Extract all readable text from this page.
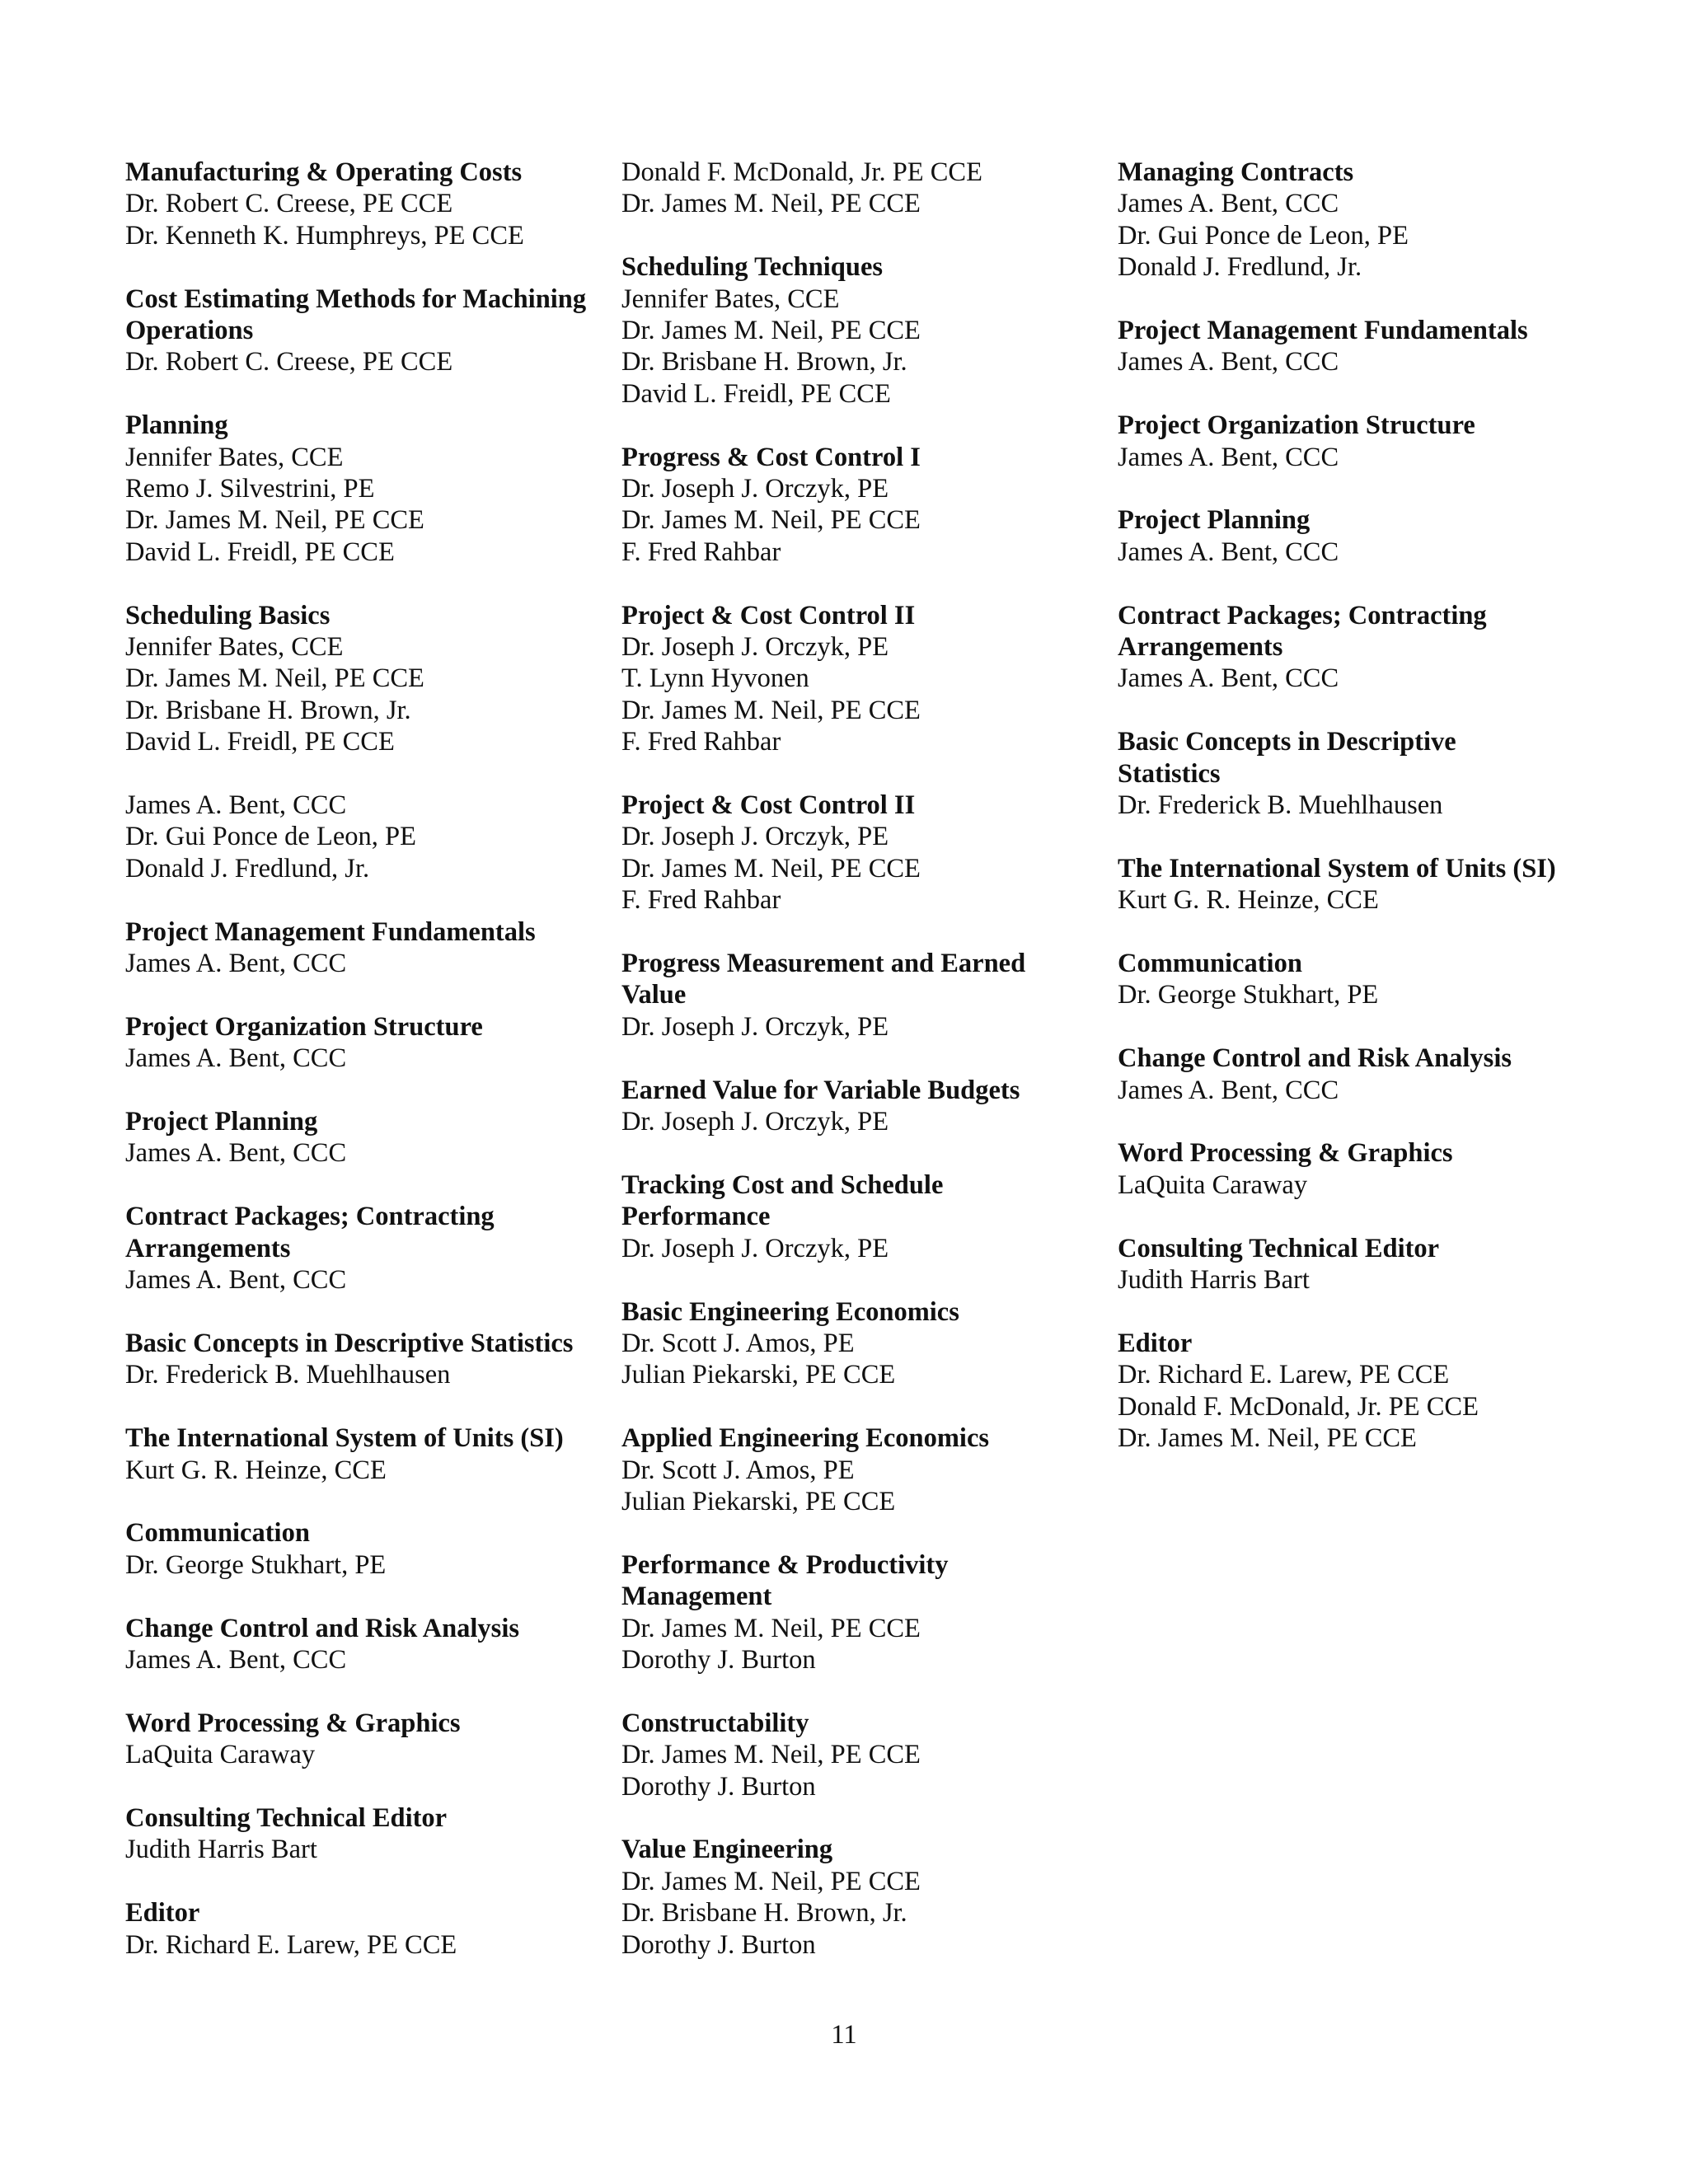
Manufacturing & Operating Costs
Dr. Robert C. Creese, PE CCE
Dr. Kenneth K. Humphreys, PE CCE
Cost Estimating Methods for Machining Operations
Dr. Robert C. Creese, PE CCE
Planning
Jennifer Bates, CCE
Remo J. Silvestrini, PE
Dr. James M. Neil, PE CCE
David L. Freidl, PE CCE
Scheduling Basics
Jennifer Bates, CCE
Dr. James M. Neil, PE CCE
Dr. Brisbane H. Brown, Jr.
David L. Freidl, PE CCE
James A. Bent, CCC
Dr. Gui Ponce de Leon, PE
Donald J. Fredlund, Jr.
Project Management Fundamentals
James A. Bent, CCC
Project Organization Structure
James A. Bent, CCC
Project Planning
James A. Bent, CCC
Contract Packages; Contracting Arrangements
James A. Bent, CCC
Basic Concepts in Descriptive Statistics
Dr. Frederick B. Muehlhausen
The International System of Units (SI)
Kurt G. R. Heinze, CCE
Communication
Dr. George Stukhart, PE
Change Control and Risk Analysis
James A. Bent, CCC
Word Processing & Graphics
LaQuita Caraway
Consulting Technical Editor
Judith Harris Bart
Editor
Dr. Richard E. Larew, PE CCE
Donald F. McDonald, Jr. PE CCE
Dr. James M. Neil, PE CCE
Scheduling Techniques
Jennifer Bates, CCE
Dr. James M. Neil, PE CCE
Dr. Brisbane H. Brown, Jr.
David L. Freidl, PE CCE
Progress & Cost Control I
Dr. Joseph J. Orczyk, PE
Dr. James M. Neil, PE CCE
F. Fred Rahbar
Project & Cost Control II
Dr. Joseph J. Orczyk, PE
T. Lynn Hyvonen
Dr. James M. Neil, PE CCE
F. Fred Rahbar
Project & Cost Control II
Dr. Joseph J. Orczyk, PE
Dr. James M. Neil, PE CCE
F. Fred Rahbar
Progress Measurement and Earned Value
Dr. Joseph J. Orczyk, PE
Earned Value for Variable Budgets
Dr. Joseph J. Orczyk, PE
Tracking Cost and Schedule Performance
Dr. Joseph J. Orczyk, PE
Basic Engineering Economics
Dr. Scott J. Amos, PE
Julian Piekarski, PE CCE
Applied Engineering Economics
Dr. Scott J. Amos, PE
Julian Piekarski, PE CCE
Performance & Productivity Management
Dr. James M. Neil, PE CCE
Dorothy J. Burton
Constructability
Dr. James M. Neil, PE CCE
Dorothy J. Burton
Value Engineering
Dr. James M. Neil, PE CCE
Dr. Brisbane H. Brown, Jr.
Dorothy J. Burton
Managing Contracts
James A. Bent, CCC
Dr. Gui Ponce de Leon, PE
Donald J. Fredlund, Jr.
Project Management Fundamentals
James A. Bent, CCC
Project Organization Structure
James A. Bent, CCC
Project Planning
James A. Bent, CCC
Contract Packages; Contracting Arrangements
James A. Bent, CCC
Basic Concepts in Descriptive Statistics
Dr. Frederick B. Muehlhausen
The International System of Units (SI)
Kurt G. R. Heinze, CCE
Communication
Dr. George Stukhart, PE
Change Control and Risk Analysis
James A. Bent, CCC
Word Processing & Graphics
LaQuita Caraway
Consulting Technical Editor
Judith Harris Bart
Editor
Dr. Richard E. Larew, PE CCE
Donald F. McDonald, Jr. PE CCE
Dr. James M. Neil, PE CCE
11
